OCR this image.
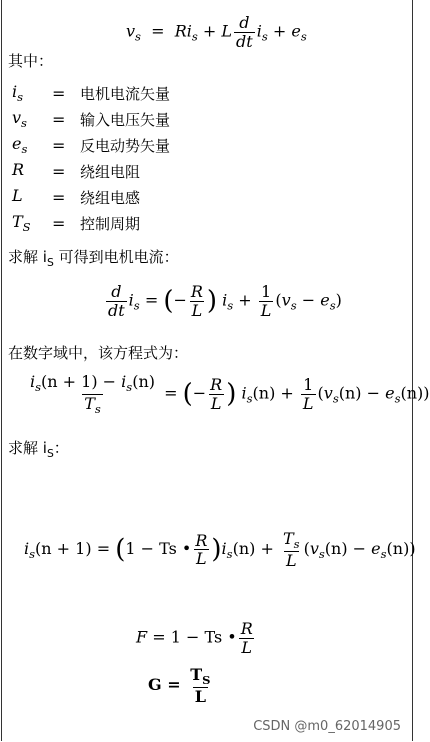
$v_s = Ri_s + L \frac{d}{dt} i_s + e_s$
其中：
$i_s$	= 电机电流矢量
$v_s$	= 输入电压矢量
$e_s$	= 反电动势矢量
R	= 绕组电阻
L	= 绕组电感
$T_S$	= 控制周期
求解 $i_S$ 可得到电机电流：
$\frac{d}{dt} i_s$ = (− $\frac{R}{L}$ ) $i_s + \frac{1}{L} (v_s - e_s)$
在数字域中，该方程式为：
$\frac{i_s(n + 1) - i_s(n)}{T_s}$ = (− $\frac{R}{L}$ ) $i_s(n) + \frac{1}{L} (v_s(n) - e_s(n))$
求解 $i_S$：
$i_s(n + 1) = (1 - Ts$ • $\frac{R}{L} )i_s(n) + \frac{T_s}{L} (v_s(n) - e_s(n))$
F = 1 − Ts • $\frac{R}{L}$
$G = \frac{T_S}{L}$
CSDN @m0_62014905
